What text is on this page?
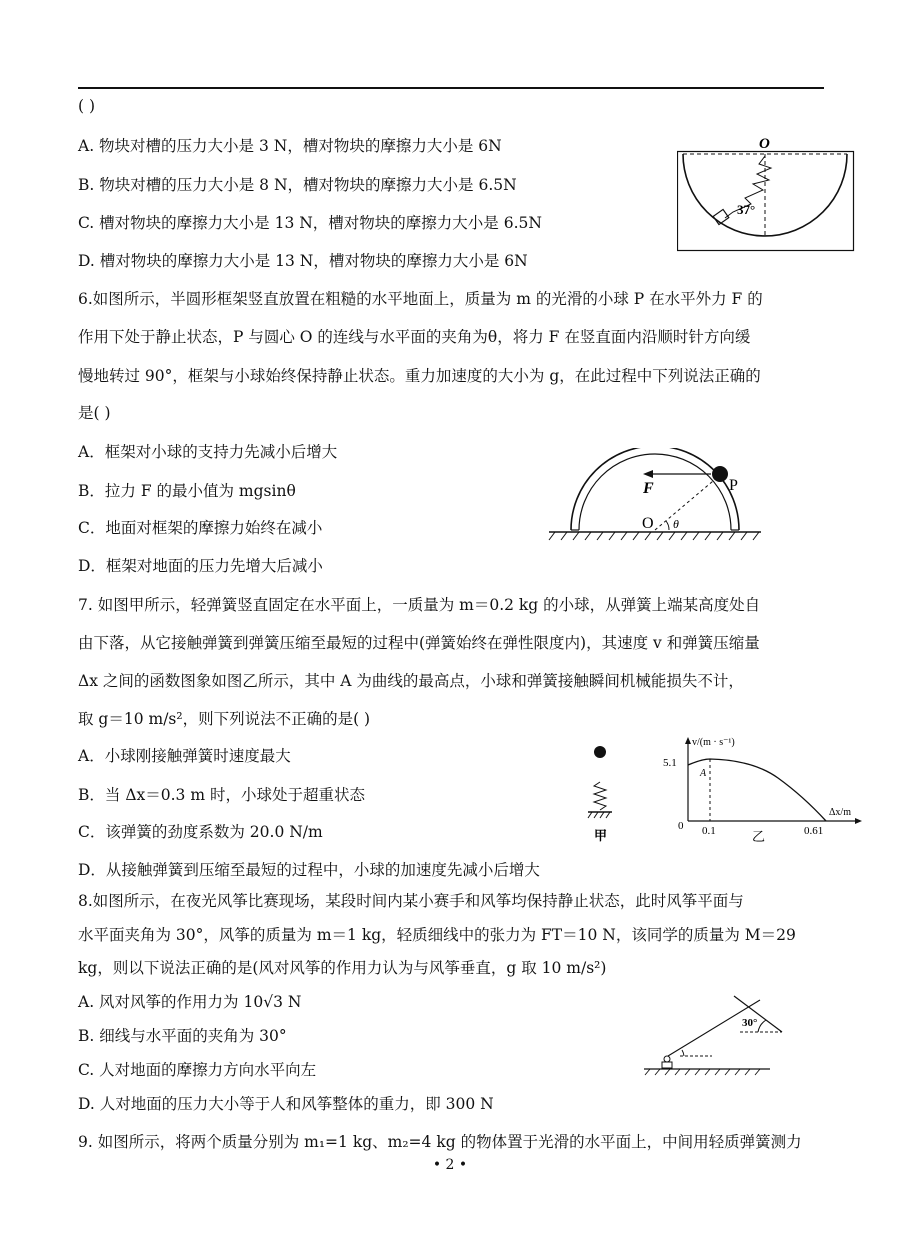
( )
A. 物块对槽的压力大小是 3 N，槽对物块的摩擦力大小是 6N
B. 物块对槽的压力大小是 8 N，槽对物块的摩擦力大小是 6.5N
C. 槽对物块的摩擦力大小是 13 N，槽对物块的摩擦力大小是 6.5N
D. 槽对物块的摩擦力大小是 13 N，槽对物块的摩擦力大小是 6N
O
37°
6.如图所示，半圆形框架竖直放置在粗糙的水平地面上，质量为 m 的光滑的小球 P 在水平外力 F 的
作用下处于静止状态，P 与圆心 O 的连线与水平面的夹角为θ，将力 F 在竖直面内沿顺时针方向缓
慢地转过 90°，框架与小球始终保持静止状态。重力加速度的大小为 g，在此过程中下列说法正确的
是( )
A．框架对小球的支持力先减小后增大
B．拉力 F 的最小值为 mgsinθ
C．地面对框架的摩擦力始终在减小
D．框架对地面的压力先增大后减小
F	P
O θ
7. 如图甲所示，轻弹簧竖直固定在水平面上，一质量为 m＝0.2 kg 的小球，从弹簧上端某高度处自
由下落，从它接触弹簧到弹簧压缩至最短的过程中(弹簧始终在弹性限度内)，其速度 v 和弹簧压缩量
Δx 之间的函数图象如图乙所示，其中 A 为曲线的最高点，小球和弹簧接触瞬间机械能损失不计，
取 g＝10 m/s²，则下列说法不正确的是( )
A．小球刚接触弹簧时速度最大
B．当 Δx＝0.3 m 时，小球处于超重状态
C．该弹簧的劲度系数为 20.0 N/m
D．从接触弹簧到压缩至最短的过程中，小球的加速度先减小后增大
甲
v/(m · s⁻¹)
Δx/m
5.1
A
0 0.1	0.61
乙
8.如图所示，在夜光风筝比赛现场，某段时间内某小赛手和风筝均保持静止状态，此时风筝平面与
水平面夹角为 30°，风筝的质量为 m＝1 kg，轻质细线中的张力为 FT＝10 N，该同学的质量为 M＝29
kg，则以下说法正确的是(风对风筝的作用力认为与风筝垂直，g 取 10 m/s²)
A. 风对风筝的作用力为 10√3 N
B. 细线与水平面的夹角为 30°
C. 人对地面的摩擦力方向水平向左
D. 人对地面的压力大小等于人和风筝整体的重力，即 300 N
30°
9. 如图所示，将两个质量分别为 m₁=1 kg、m₂=4 kg 的物体置于光滑的水平面上，中间用轻质弹簧测力
• 2 •
